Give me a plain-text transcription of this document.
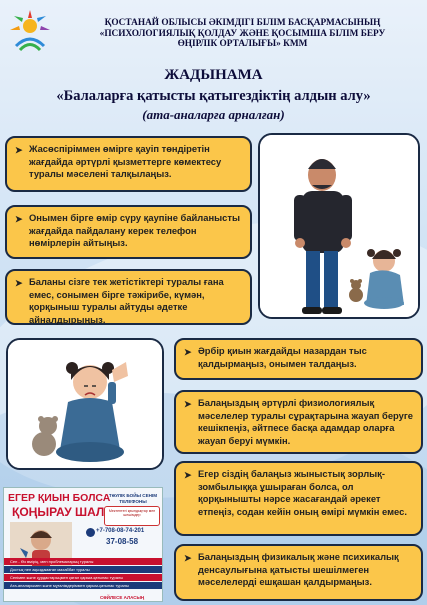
ҚОСТАНАЙ ОБЛЫСЫ ӘКІМДІГІ БІЛІМ БАСҚАРМАСЫНЫҢ
«ПСИХОЛОГИЯЛЫҚ ҚОЛДАУ ЖӘНЕ ҚОСЫМША БІЛІМ БЕРУ
ӨҢІРЛІК ОРТАЛЫҒЫ» КММ
ЖАДЫНАМА
«Балаларға қатысты қатыгездіктің алдын алу»
(ата-аналарға арналған)
➤ Жасөспіріммен өмірге қауіп төндіретін жағдайда әртүрлі қызметтерге көмектесу туралы мәселені талқылаңыз.
➤ Онымен бірге өмір сүру қаупіне байланысты жағдайда пайдалану керек телефон нөмірлерін айтыңыз.
➤ Баланы сізге тек жетістіктері туралы ғана емес, сонымен бірге тәжірибе, күмән, қорқыныш туралы айтуды әдетке айналдырыңыз.
➤ Әрбір қиын жағдайды назардан тыс қалдырмаңыз, онымен талдаңыз.
➤ Балаңыздың әртүрлі физиологиялық мәселелер туралы сұрақтарына жауап беруге кешікпеңіз, әйтпесе басқа адамдар оларға жауап беруі мүмкін.
➤ Егер сіздің балаңыз жыныстық зорлық-зомбылыққа ұшыраған болса, ол қорқынышты нәрсе жасағандай әрекет етпеңіз, содан кейін оның өмірі мүмкін емес.
➤ Балаңыздың физикалық және психикалық денсаулығына қатысты шешілмеген мәселелерді ешқашан қалдырмаңыз.
ЕГЕР ҚИЫН БОЛСА
ҚОҢЫРАУ ШАЛ
ТӘУЛІК БОЙЫ СЕНІМ ТЕЛЕФОНЫ
Мектептегі қиындықтар мен шешімдер
+7-708-08-74-201
37-08-58
Сен - Өз өмірің, мен проблемаларың туралы
Достық пен ақыздамаған махаббат туралы
Сенімен және құрдастарыңмен қатал қарым-қатынас туралы
Ата-аналарымен және мұғалімдеріммен қарым-қатынас туралы
СӨЙЛЕСЕ АЛАСЫҢ
